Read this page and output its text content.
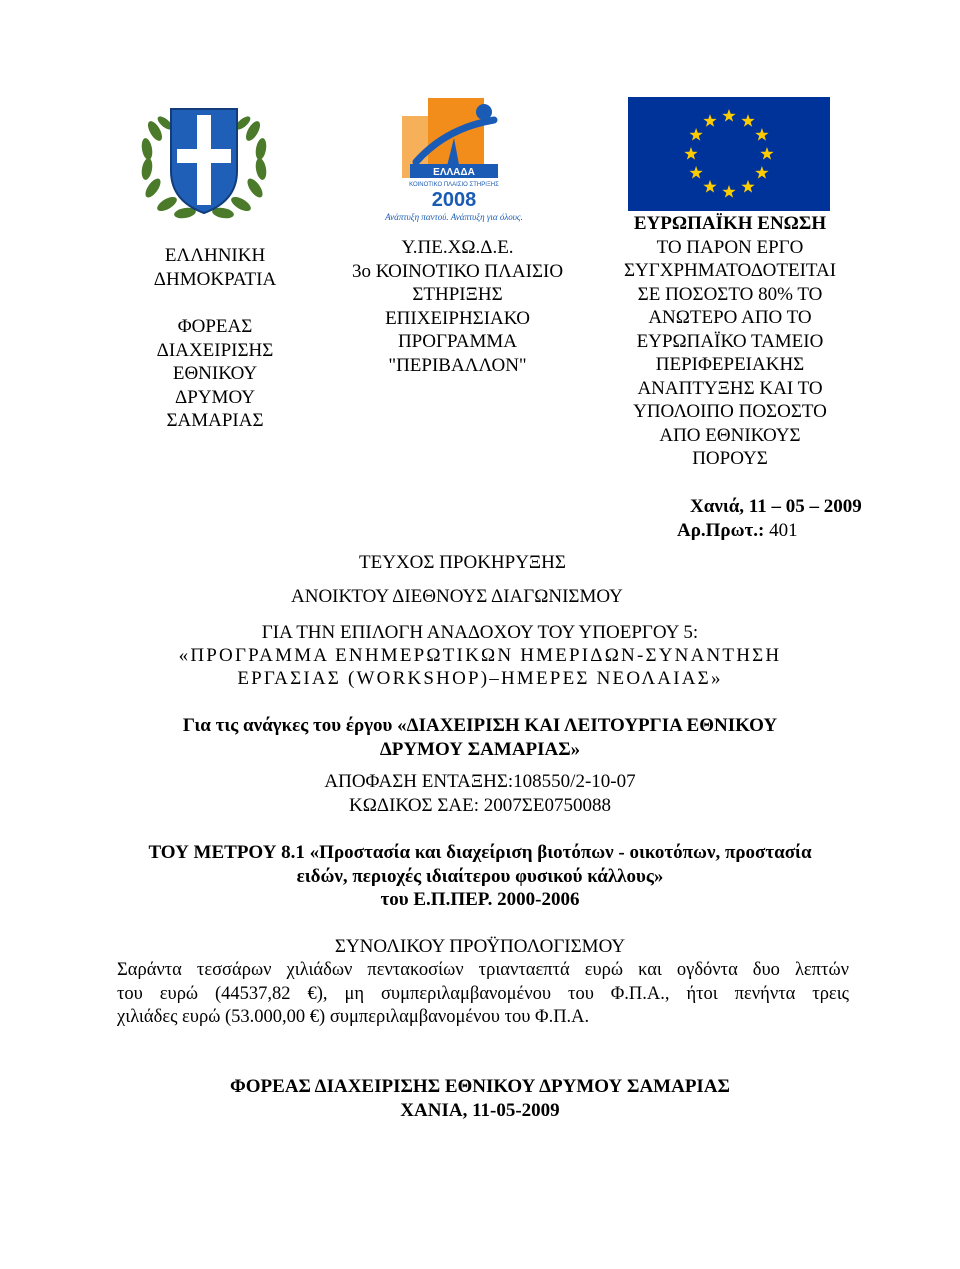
ΕΛΛΑΔΑ
ΚΟΙΝΟΤΙΚΟ ΠΛΑΙΣΙΟ ΣΤΗΡΙΞΗΣ
2008
Ανάπτυξη παντού. Ανάπτυξη για όλους.
ΕΛΛΗΝΙΚΗ
ΔΗΜΟΚΡΑΤΙΑ
ΦΟΡΕΑΣ
ΔΙΑΧΕΙΡΙΣΗΣ
ΕΘΝΙΚΟΥ
ΔΡΥΜΟΥ
ΣΑΜΑΡΙΑΣ
Υ.ΠΕ.ΧΩ.Δ.Ε.
3ο ΚΟΙΝΟΤΙΚΟ ΠΛΑΙΣΙΟ
ΣΤΗΡΙΞΗΣ
ΕΠΙΧΕΙΡΗΣΙΑΚΟ
ΠΡΟΓΡΑΜΜΑ
"ΠΕΡΙΒΑΛΛΟΝ"
ΕΥΡΩΠΑΪΚΗ ΕΝΩΣΗ
ΤΟ ΠΑΡΟΝ ΕΡΓΟ
ΣΥΓΧΡΗΜΑΤΟΔΟΤΕΙΤΑΙ
ΣΕ ΠΟΣΟΣΤΟ 80% ΤΟ
ΑΝΩΤΕΡΟ ΑΠΟ ΤΟ
ΕΥΡΩΠΑΪΚΟ ΤΑΜΕΙΟ
ΠΕΡΙΦΕΡΕΙΑΚΗΣ
ΑΝΑΠΤΥΞΗΣ ΚΑΙ ΤΟ
ΥΠΟΛΟΙΠΟ ΠΟΣΟΣΤΟ
ΑΠΟ ΕΘΝΙΚΟΥΣ
ΠΟΡΟΥΣ
Χανιά, 11 – 05 – 2009
Αρ.Πρωτ.: 401
ΤΕΥΧΟΣ ΠΡΟΚΗΡΥΞΗΣ
ΑΝΟΙΚΤΟΥ ΔΙΕΘΝΟΥΣ ΔΙΑΓΩΝΙΣΜΟΥ
ΓΙΑ ΤΗΝ ΕΠΙΛΟΓΗ ΑΝΑΔΟΧΟΥ ΤΟΥ ΥΠΟΕΡΓΟΥ 5:
«ΠΡΟΓΡΑΜΜΑ ΕΝΗΜΕΡΩΤΙΚΩΝ ΗΜΕΡΙΔΩΝ-ΣΥΝΑΝΤΗΣΗ
ΕΡΓΑΣΙΑΣ (WORKSHOP)–ΗΜΕΡΕΣ ΝΕΟΛΑΙΑΣ»
Για τις ανάγκες του έργου «ΔΙΑΧΕΙΡΙΣΗ ΚΑΙ ΛΕΙΤΟΥΡΓΙΑ ΕΘΝΙΚΟΥ
ΔΡΥΜΟΥ ΣΑΜΑΡΙΑΣ»
ΑΠΟΦΑΣΗ ΕΝΤΑΞΗΣ:108550/2-10-07
ΚΩΔΙΚΟΣ ΣΑΕ: 2007ΣΕ0750088
ΤΟΥ ΜΕΤΡΟΥ 8.1 «Προστασία και διαχείριση βιοτόπων - οικοτόπων, προστασία
ειδών, περιοχές ιδιαίτερου φυσικού κάλλους»
του Ε.Π.ΠΕΡ. 2000-2006
ΣΥΝΟΛΙΚΟΥ ΠΡΟΫΠΟΛΟΓΙΣΜΟΥ
Σαράντα τεσσάρων χιλιάδων πεντακοσίων τριανταεπτά ευρώ και ογδόντα δυο λεπτών
του ευρώ (44537,82 €), μη συμπεριλαμβανομένου του Φ.Π.Α., ήτοι πενήντα τρεις
χιλιάδες ευρώ (53.000,00 €) συμπεριλαμβανομένου του Φ.Π.Α.
ΦΟΡΕΑΣ ΔΙΑΧΕΙΡΙΣΗΣ ΕΘΝΙΚΟΥ ΔΡΥΜΟΥ ΣΑΜΑΡΙΑΣ
ΧΑΝΙΑ, 11-05-2009
